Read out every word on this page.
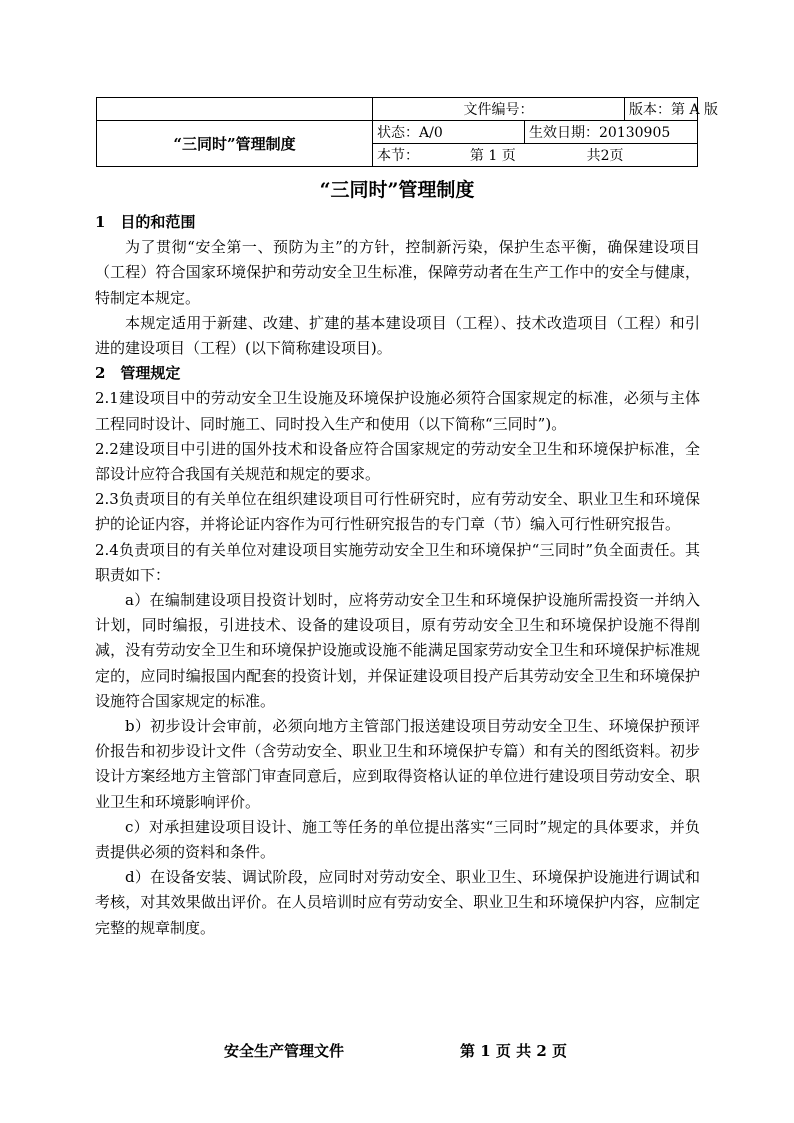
	文件编号：		版本：第 A 版
“三同时”管理制度	状态：A/0	生效日期：20130905	
	本节： 第 1 页 共2页		
“三同时”管理制度
1　目的和范围

为了贯彻“安全第一、预防为主”的方针，控制新污染，保护生态平衡，确保建设项目（工程）符合国家环境保护和劳动安全卫生标准，保障劳动者在生产工作中的安全与健康，特制定本规定。

本规定适用于新建、改建、扩建的基本建设项目（工程）、技术改造项目（工程）和引进的建设项目（工程）(以下简称建设项目)。

2　管理规定

2.1建设项目中的劳动安全卫生设施及环境保护设施必须符合国家规定的标准，必须与主体工程同时设计、同时施工、同时投入生产和使用（以下简称“三同时”)。

2.2建设项目中引进的国外技术和设备应符合国家规定的劳动安全卫生和环境保护标准，全部设计应符合我国有关规范和规定的要求。

2.3负责项目的有关单位在组织建设项目可行性研究时，应有劳动安全、职业卫生和环境保护的论证内容，并将论证内容作为可行性研究报告的专门章（节）编入可行性研究报告。

2.4负责项目的有关单位对建设项目实施劳动安全卫生和环境保护“三同时”负全面责任。其职责如下：

a）在编制建设项目投资计划时，应将劳动安全卫生和环境保护设施所需投资一并纳入计划，同时编报，引进技术、设备的建设项目，原有劳动安全卫生和环境保护设施不得削减，没有劳动安全卫生和环境保护设施或设施不能满足国家劳动安全卫生和环境保护标准规定的，应同时编报国内配套的投资计划，并保证建设项目投产后其劳动安全卫生和环境保护设施符合国家规定的标准。

b）初步设计会审前，必须向地方主管部门报送建设项目劳动安全卫生、环境保护预评价报告和初步设计文件（含劳动安全、职业卫生和环境保护专篇）和有关的图纸资料。初步设计方案经地方主管部门审查同意后，应到取得资格认证的单位进行建设项目劳动安全、职业卫生和环境影响评价。

c）对承担建设项目设计、施工等任务的单位提出落实“三同时”规定的具体要求，并负责提供必须的资料和条件。

d）在设备安装、调试阶段，应同时对劳动安全、职业卫生、环境保护设施进行调试和考核，对其效果做出评价。在人员培训时应有劳动安全、职业卫生和环境保护内容，应制定完整的规章制度。

安全生产管理文件	第 1 页 共 2 页
